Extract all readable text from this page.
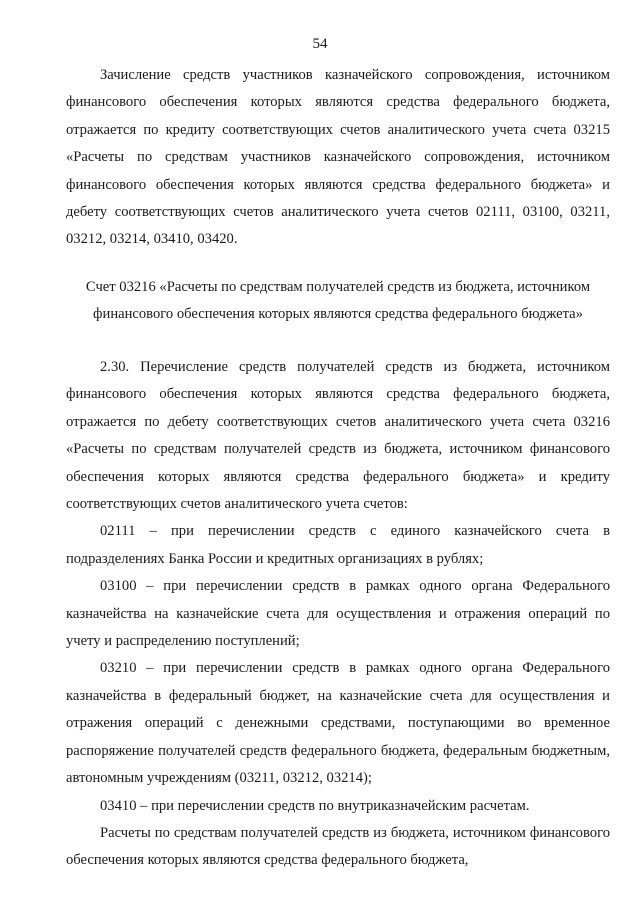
54

Зачисление средств участников казначейского сопровождения, источником финансового обеспечения которых являются средства федерального бюджета, отражается по кредиту соответствующих счетов аналитического учета счета 03215 «Расчеты по средствам участников казначейского сопровождения, источником финансового обеспечения которых являются средства федерального бюджета» и дебету соответствующих счетов аналитического учета счетов 02111, 03100, 03211, 03212, 03214, 03410, 03420.

Счет 03216 «Расчеты по средствам получателей средств из бюджета, источником финансового обеспечения которых являются средства федерального бюджета»

2.30. Перечисление средств получателей средств из бюджета, источником финансового обеспечения которых являются средства федерального бюджета, отражается по дебету соответствующих счетов аналитического учета счета 03216 «Расчеты по средствам получателей средств из бюджета, источником финансового обеспечения которых являются средства федерального бюджета» и кредиту соответствующих счетов аналитического учета счетов:

02111 – при перечислении средств с единого казначейского счета в подразделениях Банка России и кредитных организациях в рублях;

03100 – при перечислении средств в рамках одного органа Федерального казначейства на казначейские счета для осуществления и отражения операций по учету и распределению поступлений;

03210 – при перечислении средств в рамках одного органа Федерального казначейства в федеральный бюджет, на казначейские счета для осуществления и отражения операций с денежными средствами, поступающими во временное распоряжение получателей средств федерального бюджета, федеральным бюджетным, автономным учреждениям (03211, 03212, 03214);

03410 – при перечислении средств по внутриказначейским расчетам.

Расчеты по средствам получателей средств из бюджета, источником финансового обеспечения которых являются средства федерального бюджета,
